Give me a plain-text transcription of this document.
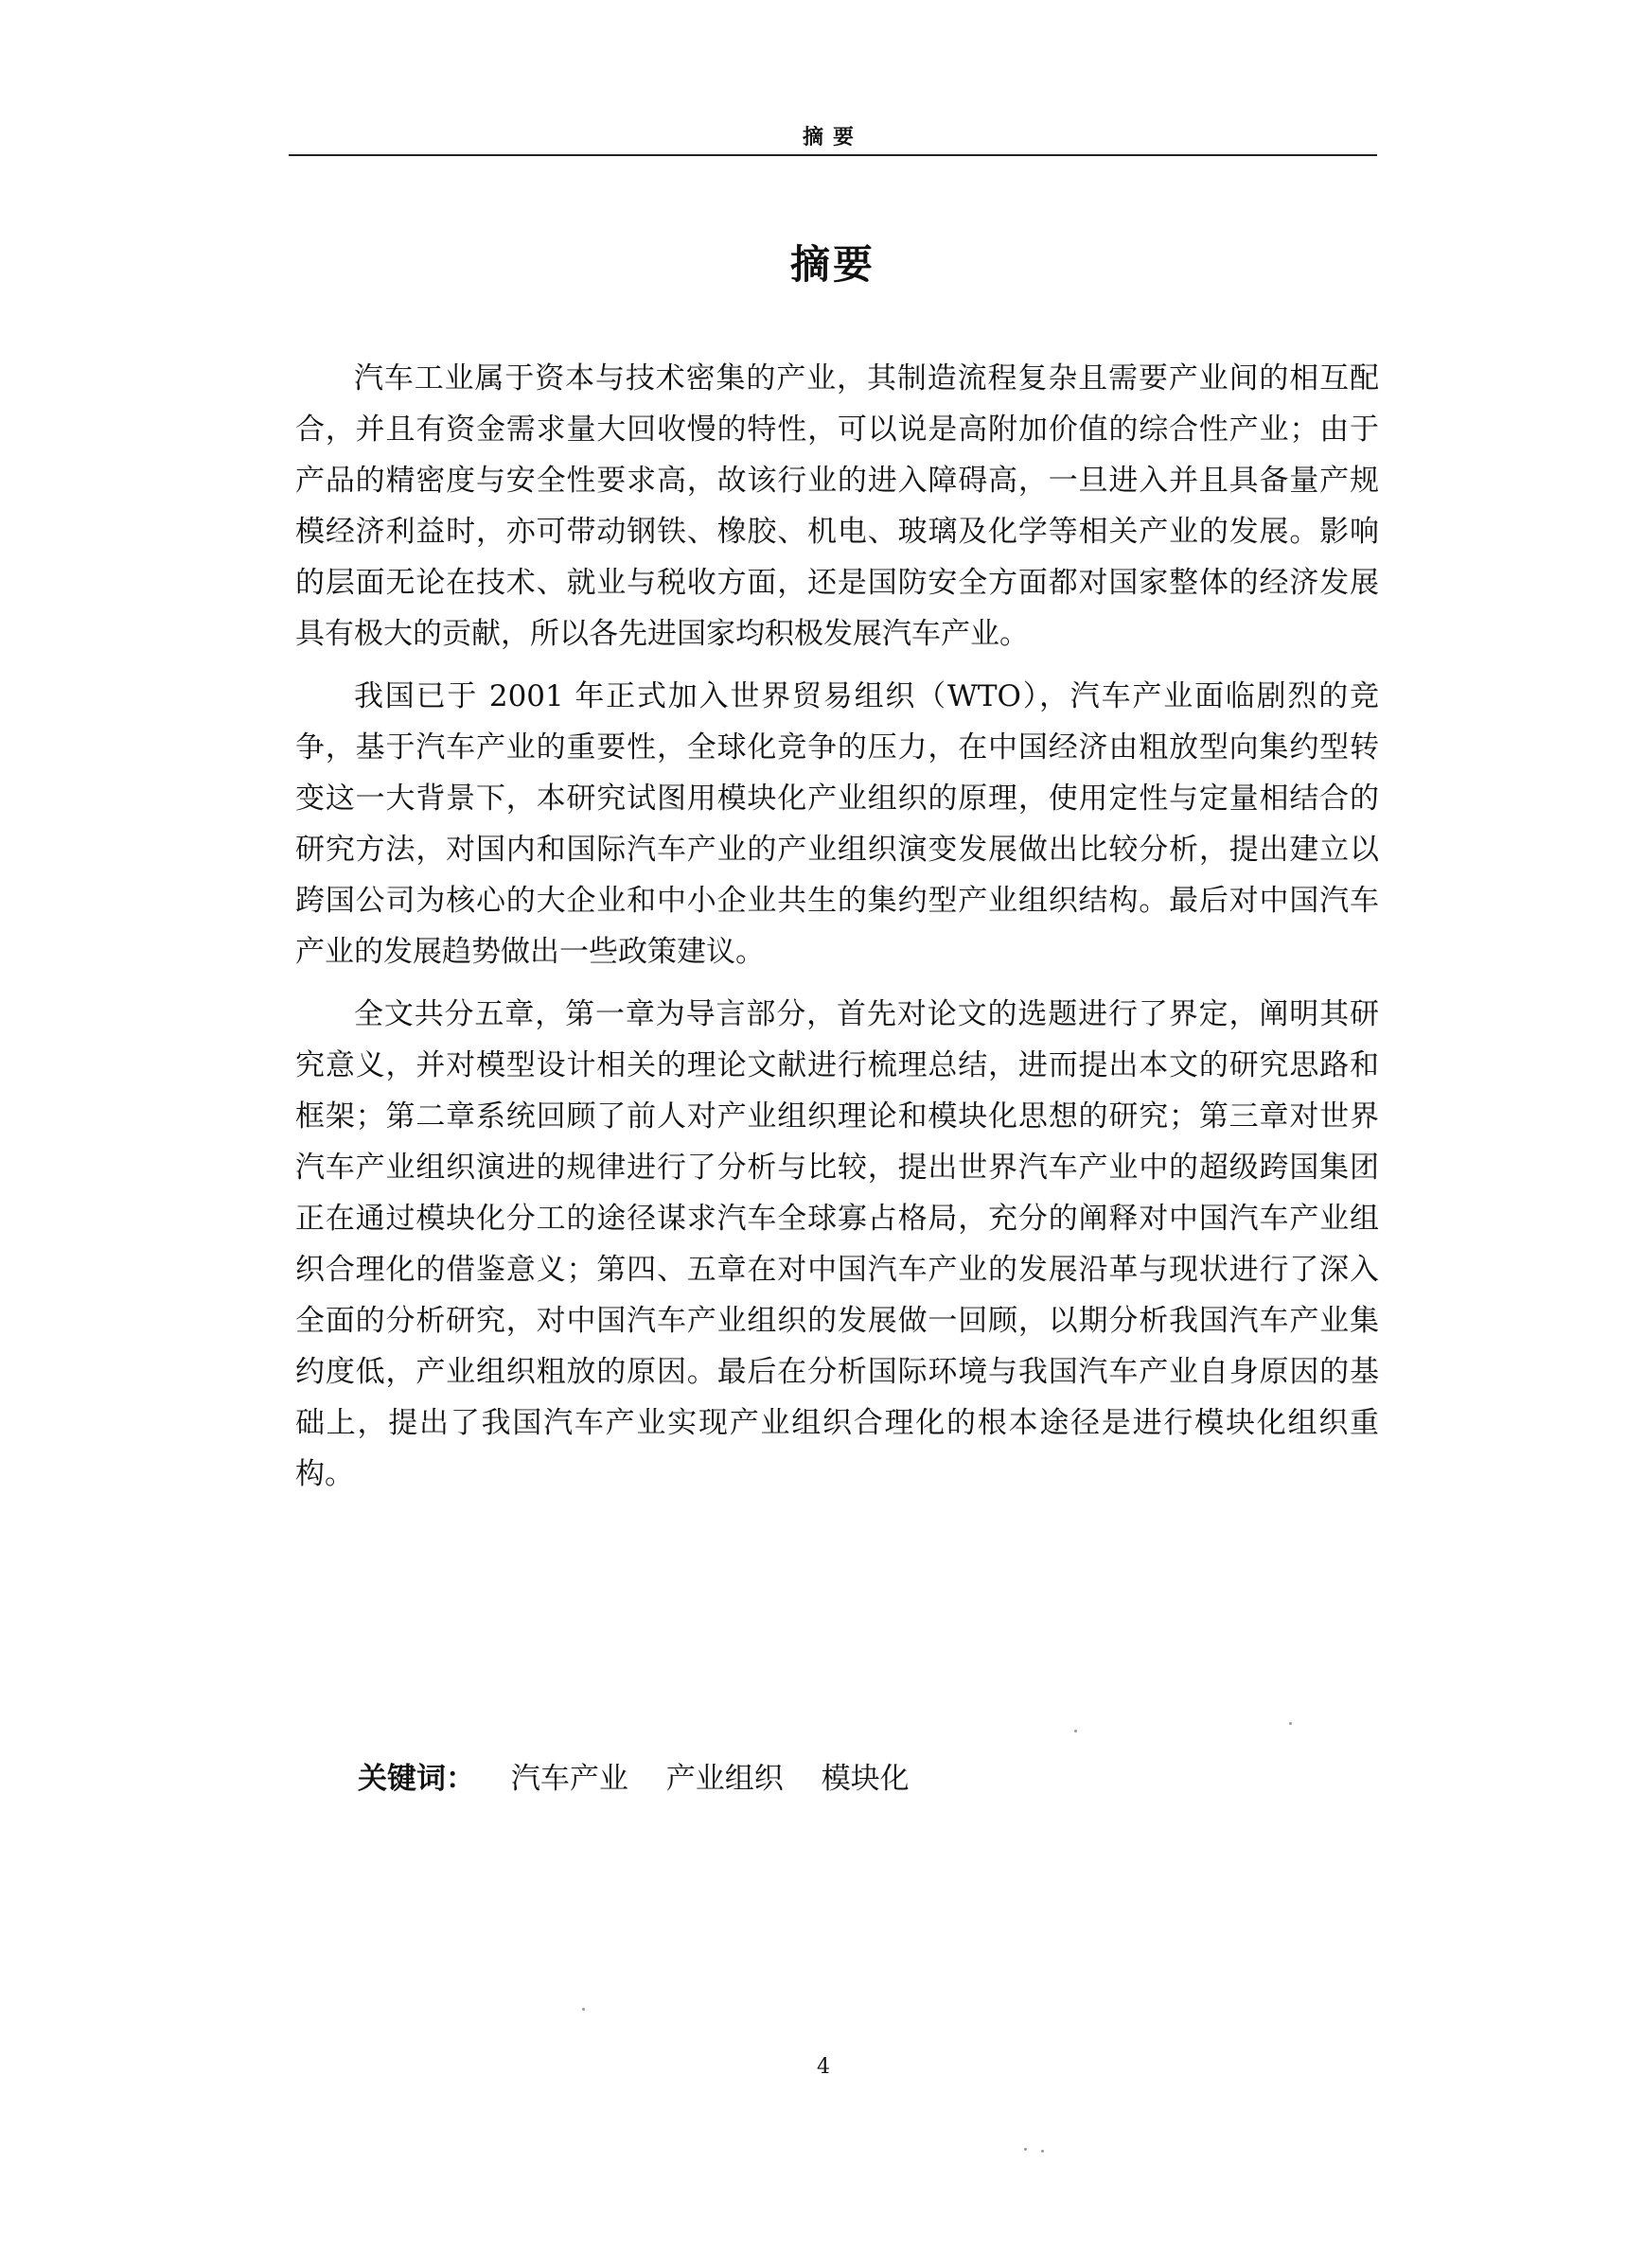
摘要
摘要

汽车工业属于资本与技术密集的产业，其制造流程复杂且需要产业间的相互配合，并且有资金需求量大回收慢的特性，可以说是高附加价值的综合性产业；由于产品的精密度与安全性要求高，故该行业的进入障碍高，一旦进入并且具备量产规模经济利益时，亦可带动钢铁、橡胶、机电、玻璃及化学等相关产业的发展。影响的层面无论在技术、就业与税收方面，还是国防安全方面都对国家整体的经济发展具有极大的贡献，所以各先进国家均积极发展汽车产业。

我国已于 2001 年正式加入世界贸易组织（WTO），汽车产业面临剧烈的竞争，基于汽车产业的重要性，全球化竞争的压力，在中国经济由粗放型向集约型转变这一大背景下，本研究试图用模块化产业组织的原理，使用定性与定量相结合的研究方法，对国内和国际汽车产业的产业组织演变发展做出比较分析，提出建立以跨国公司为核心的大企业和中小企业共生的集约型产业组织结构。最后对中国汽车产业的发展趋势做出一些政策建议。

全文共分五章，第一章为导言部分，首先对论文的选题进行了界定，阐明其研究意义，并对模型设计相关的理论文献进行梳理总结，进而提出本文的研究思路和框架；第二章系统回顾了前人对产业组织理论和模块化思想的研究；第三章对世界汽车产业组织演进的规律进行了分析与比较，提出世界汽车产业中的超级跨国集团正在通过模块化分工的途径谋求汽车全球寡占格局，充分的阐释对中国汽车产业组织合理化的借鉴意义；第四、五章在对中国汽车产业的发展沿革与现状进行了深入全面的分析研究，对中国汽车产业组织的发展做一回顾，以期分析我国汽车产业集约度低，产业组织粗放的原因。最后在分析国际环境与我国汽车产业自身原因的基础上，提出了我国汽车产业实现产业组织合理化的根本途径是进行模块化组织重构。

关键词： 汽车产业 产业组织 模块化
4
